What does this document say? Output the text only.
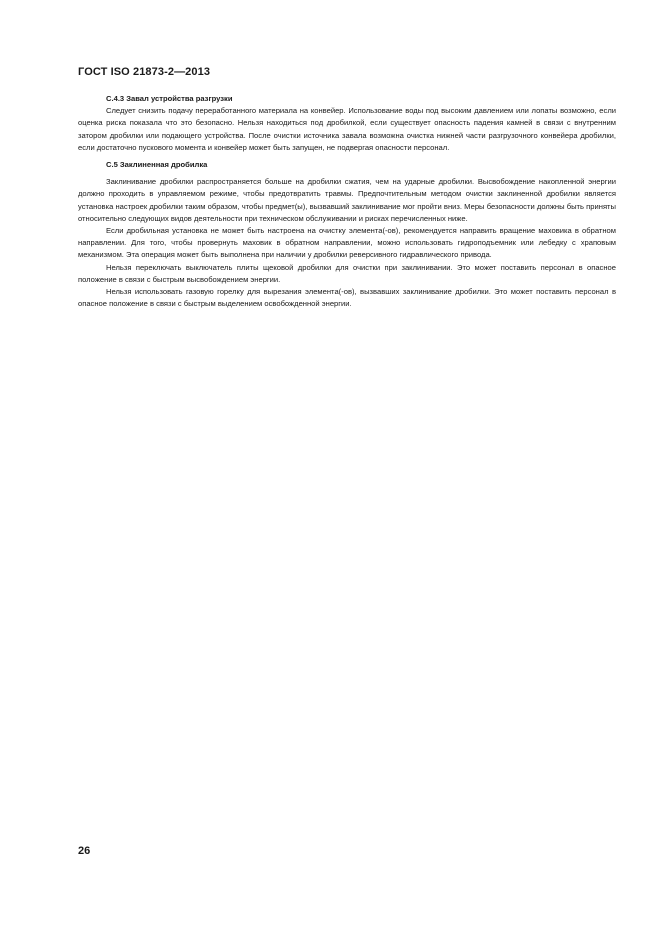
ГОСТ ISO 21873-2—2013
С.4.3 Завал устройства разгрузки

Следует снизить подачу переработанного материала на конвейер. Использование воды под высоким давлением или лопаты возможно, если оценка риска показала что это безопасно. Нельзя находиться под дробилкой, если существует опасность падения камней в связи с внутренним затором дробилки или подающего устройства. После очистки источника завала возможна очистка нижней части разгрузочного конвейера дробилки, если достаточно пускового момента и конвейер может быть запущен, не подвергая опасности персонал.

С.5 Заклиненная дробилка

Заклинивание дробилки распространяется больше на дробилки сжатия, чем на ударные дробилки. Высвобождение накопленной энергии должно проходить в управляемом режиме, чтобы предотвратить травмы. Предпочтительным методом очистки заклиненной дробилки является установка настроек дробилки таким образом, чтобы предмет(ы), вызвавший заклинивание мог пройти вниз. Меры безопасности должны быть приняты относительно следующих видов деятельности при техническом обслуживании и рисках перечисленных ниже.

Если дробильная установка не может быть настроена на очистку элемента(-ов), рекомендуется направить вращение маховика в обратном направлении. Для того, чтобы провернуть маховик в обратном направлении, можно использовать гидроподъемник или лебедку с храповым механизмом. Эта операция может быть выполнена при наличии у дробилки реверсивного гидравлического привода.

Нельзя переключать выключатель плиты щековой дробилки для очистки при заклинивании. Это может поставить персонал в опасное положение в связи с быстрым высвобождением энергии.

Нельзя использовать газовую горелку для вырезания элемента(-ов), вызвавших заклинивание дробилки. Это может поставить персонал в опасное положение в связи с быстрым выделением освобожденной энергии.

26
